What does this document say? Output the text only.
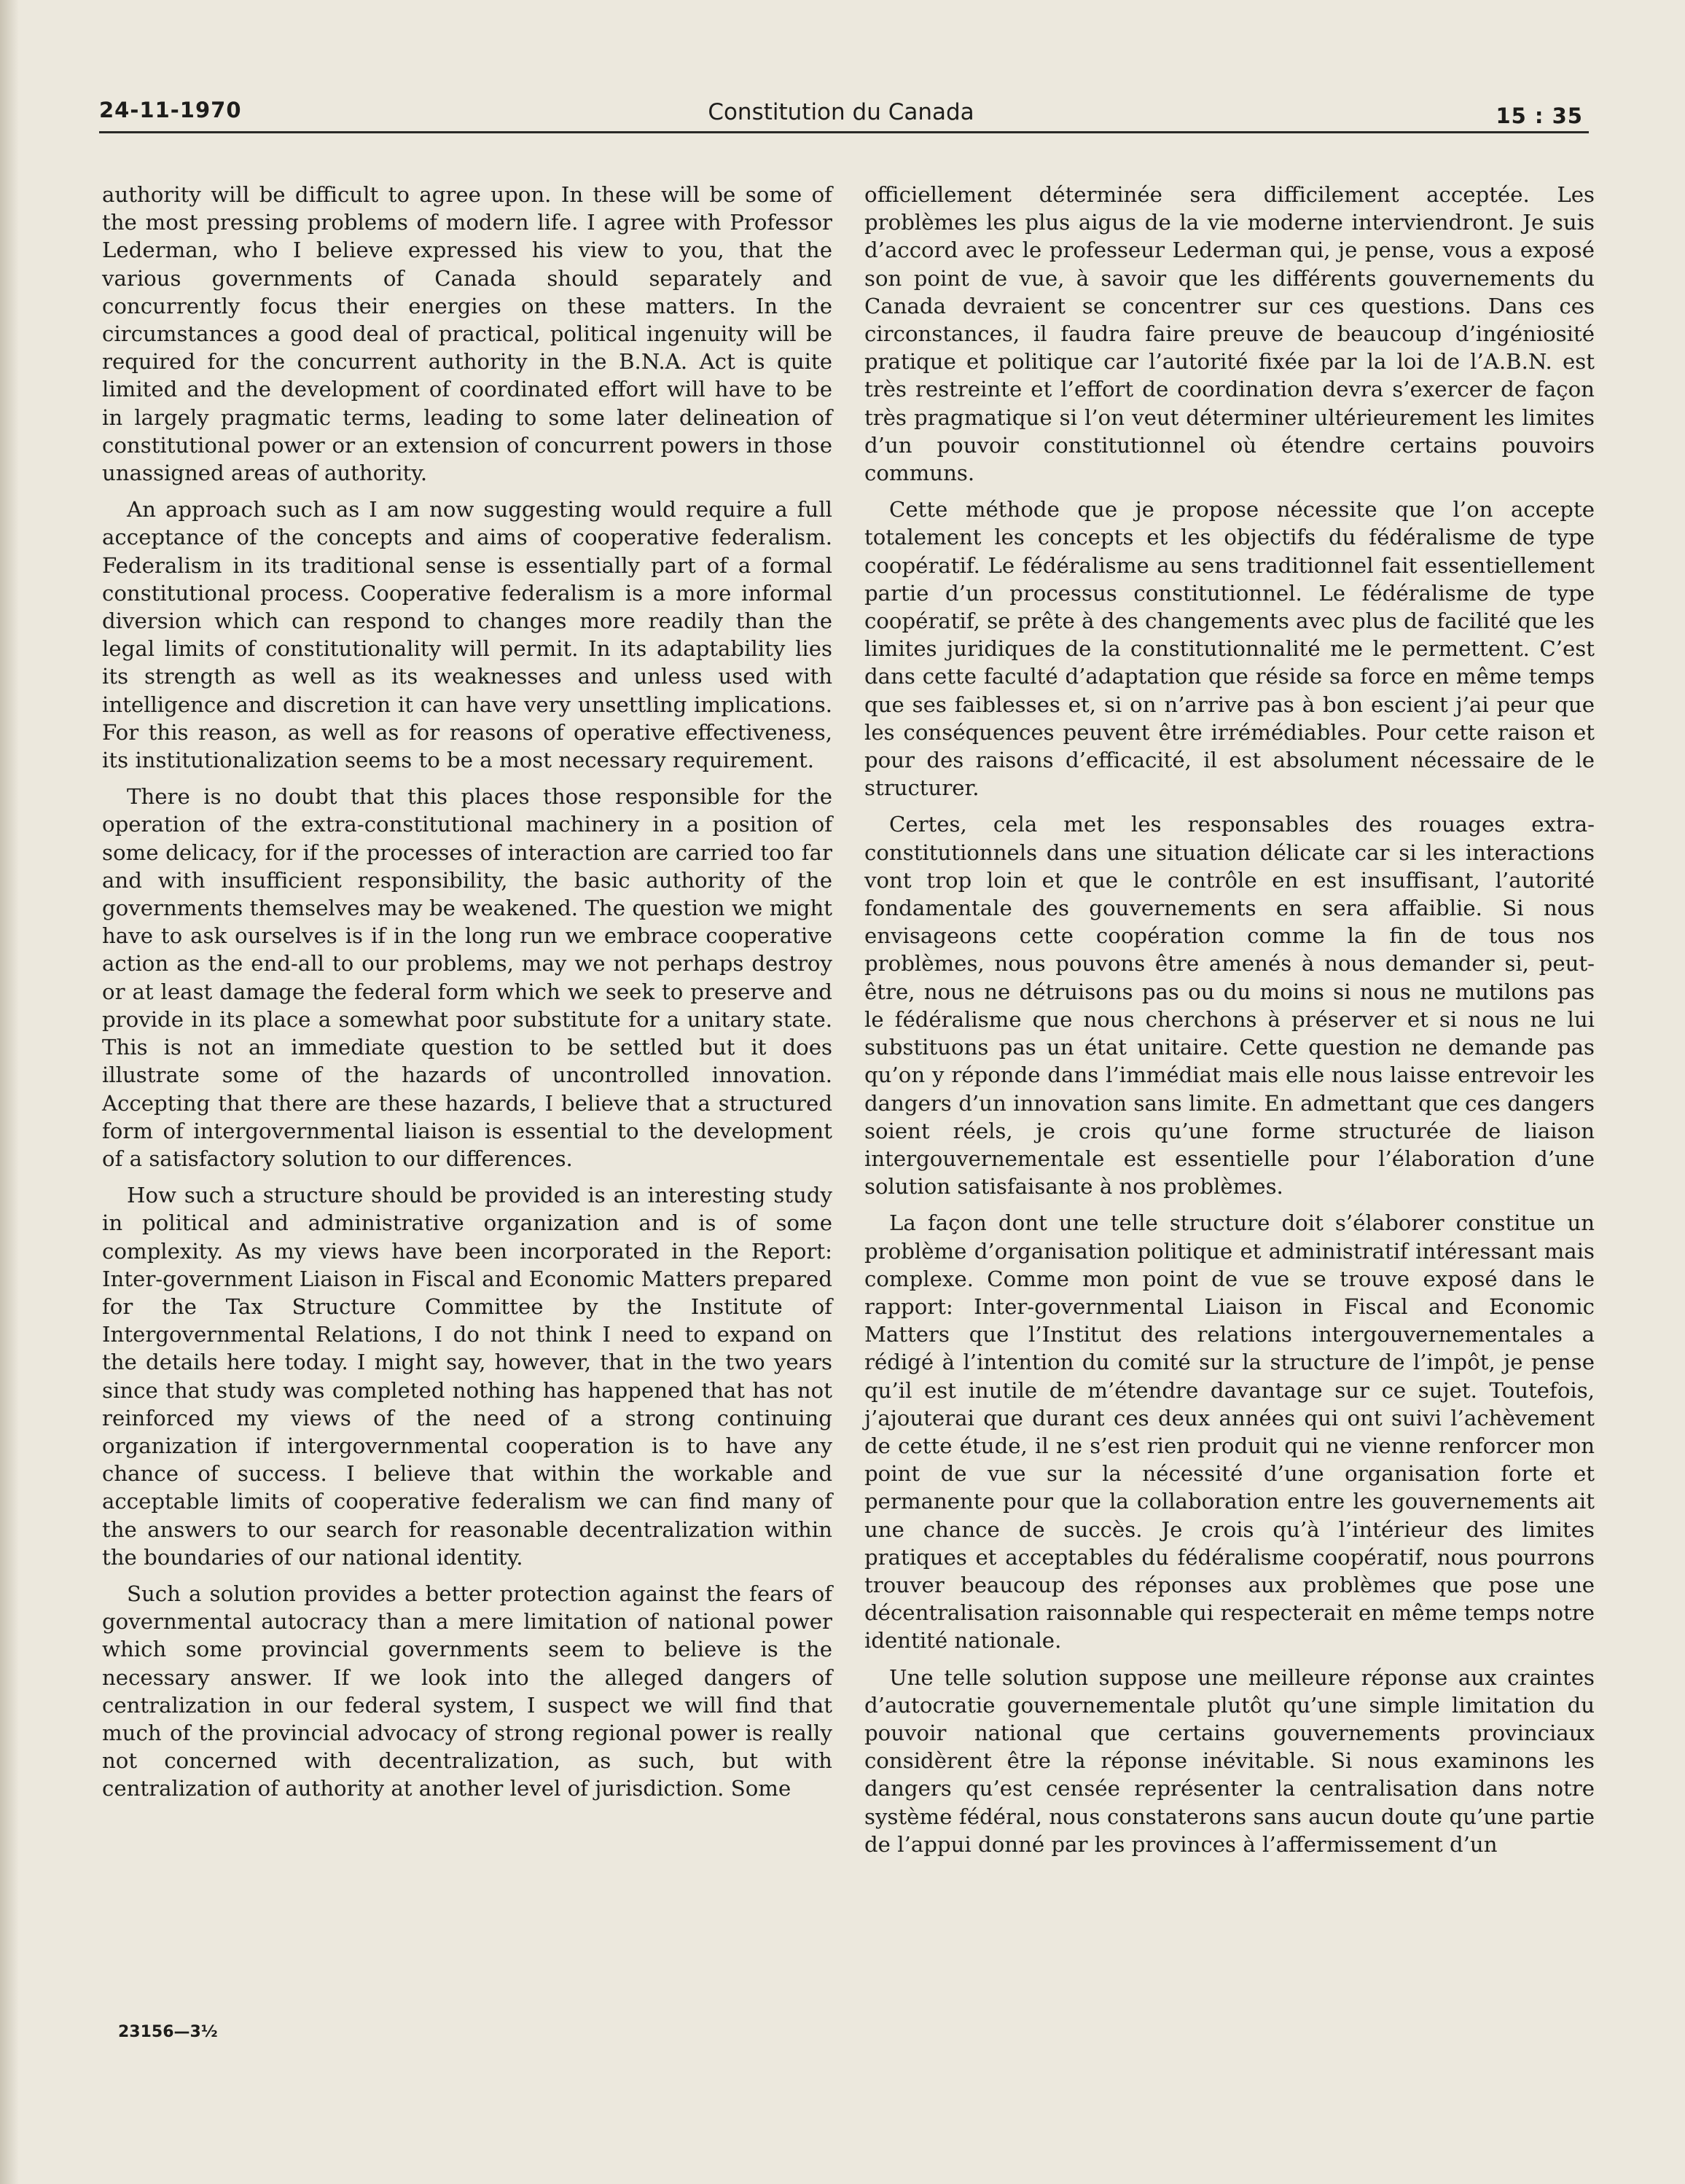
24-11-1970	Constitution du Canada	15 : 35

authority will be difficult to agree upon. In these will be some of the most pressing problems of modern life. I agree with Professor Lederman, who I believe expressed his view to you, that the various governments of Canada should separately and concurrently focus their energies on these matters. In the circumstances a good deal of practical, political ingenuity will be required for the concurrent authority in the B.N.A. Act is quite limited and the development of coordinated effort will have to be in largely pragmatic terms, leading to some later delineation of constitutional power or an extension of concurrent powers in those unassigned areas of authority.

An approach such as I am now suggesting would require a full acceptance of the concepts and aims of cooperative federalism. Federalism in its traditional sense is essentially part of a formal constitutional process. Cooperative federalism is a more informal diversion which can respond to changes more readily than the legal limits of constitutionality will permit. In its adaptability lies its strength as well as its weaknesses and unless used with intelligence and discretion it can have very unsettling implications. For this reason, as well as for reasons of operative effectiveness, its institutionalization seems to be a most necessary requirement.

There is no doubt that this places those responsible for the operation of the extra-constitutional machinery in a position of some delicacy, for if the processes of interaction are carried too far and with insufficient responsibility, the basic authority of the governments themselves may be weakened. The question we might have to ask ourselves is if in the long run we embrace cooperative action as the end-all to our problems, may we not perhaps destroy or at least damage the federal form which we seek to preserve and provide in its place a somewhat poor substitute for a unitary state. This is not an immediate question to be settled but it does illustrate some of the hazards of uncontrolled innovation. Accepting that there are these hazards, I believe that a structured form of intergovernmental liaison is essential to the development of a satisfactory solution to our differences.

How such a structure should be provided is an interesting study in political and administrative organization and is of some complexity. As my views have been incorporated in the Report: Inter-government Liaison in Fiscal and Economic Matters prepared for the Tax Structure Committee by the Institute of Intergovernmental Relations, I do not think I need to expand on the details here today. I might say, however, that in the two years since that study was completed nothing has happened that has not reinforced my views of the need of a strong continuing organization if intergovernmental cooperation is to have any chance of success. I believe that within the workable and acceptable limits of cooperative federalism we can find many of the answers to our search for reasonable decentralization within the boundaries of our national identity.

Such a solution provides a better protection against the fears of governmental autocracy than a mere limitation of national power which some provincial governments seem to believe is the necessary answer. If we look into the alleged dangers of centralization in our federal system, I suspect we will find that much of the provincial advocacy of strong regional power is really not concerned with decentralization, as such, but with centralization of authority at another level of jurisdiction. Some

officiellement déterminée sera difficilement acceptée. Les problèmes les plus aigus de la vie moderne interviendront. Je suis d’accord avec le professeur Lederman qui, je pense, vous a exposé son point de vue, à savoir que les différents gouvernements du Canada devraient se concentrer sur ces questions. Dans ces circonstances, il faudra faire preuve de beaucoup d’ingéniosité pratique et politique car l’autorité fixée par la loi de l’A.B.N. est très restreinte et l’effort de coordination devra s’exercer de façon très pragmatique si l’on veut déterminer ultérieurement les limites d’un pouvoir constitutionnel où étendre certains pouvoirs communs.

Cette méthode que je propose nécessite que l’on accepte totalement les concepts et les objectifs du fédéralisme de type coopératif. Le fédéralisme au sens traditionnel fait essentiellement partie d’un processus constitutionnel. Le fédéralisme de type coopératif, se prête à des changements avec plus de facilité que les limites juridiques de la constitutionnalité me le permettent. C’est dans cette faculté d’adaptation que réside sa force en même temps que ses faiblesses et, si on n’arrive pas à bon escient j’ai peur que les conséquences peuvent être irrémédiables. Pour cette raison et pour des raisons d’efficacité, il est absolument nécessaire de le structurer.

Certes, cela met les responsables des rouages extra-constitutionnels dans une situation délicate car si les interactions vont trop loin et que le contrôle en est insuffisant, l’autorité fondamentale des gouvernements en sera affaiblie. Si nous envisageons cette coopération comme la fin de tous nos problèmes, nous pouvons être amenés à nous demander si, peut-être, nous ne détruisons pas ou du moins si nous ne mutilons pas le fédéralisme que nous cherchons à préserver et si nous ne lui substituons pas un état unitaire. Cette question ne demande pas qu’on y réponde dans l’immédiat mais elle nous laisse entrevoir les dangers d’un innovation sans limite. En admettant que ces dangers soient réels, je crois qu’une forme structurée de liaison intergouvernementale est essentielle pour l’élaboration d’une solution satisfaisante à nos problèmes.

La façon dont une telle structure doit s’élaborer constitue un problème d’organisation politique et administratif intéressant mais complexe. Comme mon point de vue se trouve exposé dans le rapport: Inter-governmental Liaison in Fiscal and Economic Matters que l’Institut des relations intergouvernementales a rédigé à l’intention du comité sur la structure de l’impôt, je pense qu’il est inutile de m’étendre davantage sur ce sujet. Toutefois, j’ajouterai que durant ces deux années qui ont suivi l’achèvement de cette étude, il ne s’est rien produit qui ne vienne renforcer mon point de vue sur la nécessité d’une organisation forte et permanente pour que la collaboration entre les gouvernements ait une chance de succès. Je crois qu’à l’intérieur des limites pratiques et acceptables du fédéralisme coopératif, nous pourrons trouver beaucoup des réponses aux problèmes que pose une décentralisation raisonnable qui respecterait en même temps notre identité nationale.

Une telle solution suppose une meilleure réponse aux craintes d’autocratie gouvernementale plutôt qu’une simple limitation du pouvoir national que certains gouvernements provinciaux considèrent être la réponse inévitable. Si nous examinons les dangers qu’est censée représenter la centralisation dans notre système fédéral, nous constaterons sans aucun doute qu’une partie de l’appui donné par les provinces à l’affermissement d’un

23156—3½
